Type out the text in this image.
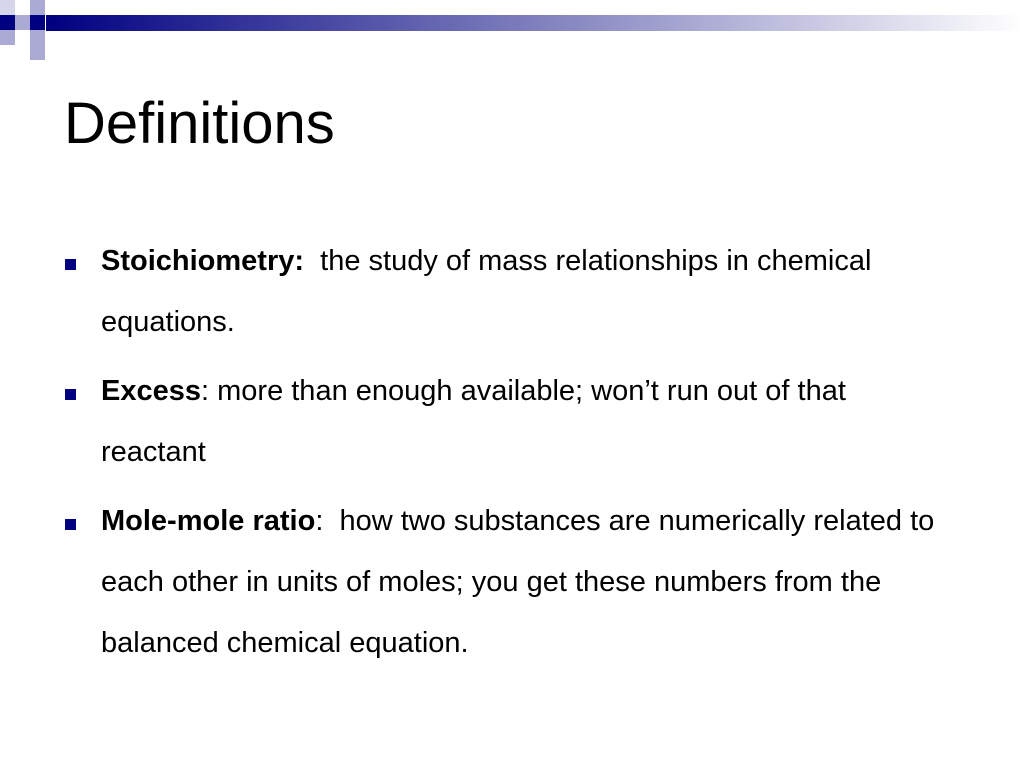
Definitions
Stoichiometry: the study of mass relationships in chemical equations.
Excess: more than enough available; won’t run out of that reactant
Mole-mole ratio:  how two substances are numerically related to each other in units of moles; you get these numbers from the balanced chemical equation.
